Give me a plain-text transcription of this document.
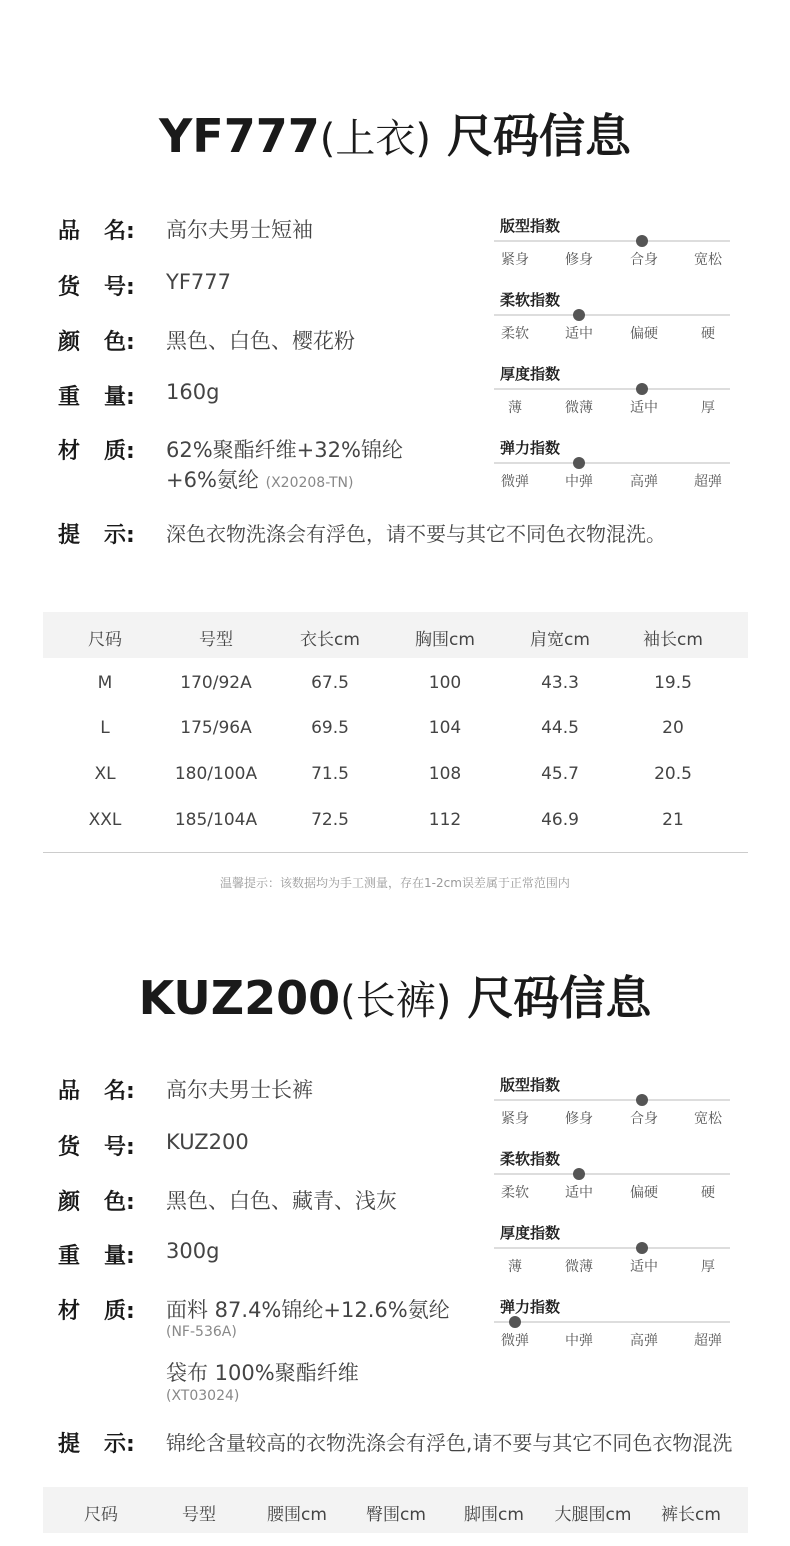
YF777(上衣) 尺码信息
品 名: 高尔夫男士短袖
货 号: YF777
颜 色: 黑色、白色、樱花粉
重 量: 160g
材 质: 62%聚酯纤维+32%锦纶
+6%氨纶 (X20208-TN)
提 示: 深色衣物洗涤会有浮色，请不要与其它不同色衣物混洗。
版型指数
紧身	修身	合身	宽松
柔软指数
柔软	适中	偏硬	硬
厚度指数
薄	微薄	适中	厚
弹力指数
微弹	中弹	高弹	超弹
尺码	号型	衣长cm	胸围cm	肩宽cm	袖长cm
M	170/92A	67.5	100	43.3	19.5
L	175/96A	69.5	104	44.5	20
XL	180/100A	71.5	108	45.7	20.5
XXL	185/104A	72.5	112	46.9	21
温馨提示：该数据均为手工测量，存在1-2cm误差属于正常范围内
KUZ200(长裤) 尺码信息
品 名: 高尔夫男士长裤
货 号: KUZ200
颜 色: 黑色、白色、藏青、浅灰
重 量: 300g
材 质: 面料 87.4%锦纶+12.6%氨纶
(NF-536A)
袋布 100%聚酯纤维
(XT03024)
提 示: 锦纶含量较高的衣物洗涤会有浮色,请不要与其它不同色衣物混洗
版型指数
紧身	修身	合身	宽松
柔软指数
柔软	适中	偏硬	硬
厚度指数
薄	微薄	适中	厚
弹力指数
微弹	中弹	高弹	超弹
尺码	号型	腰围cm	臀围cm	脚围cm	大腿围cm	裤长cm
